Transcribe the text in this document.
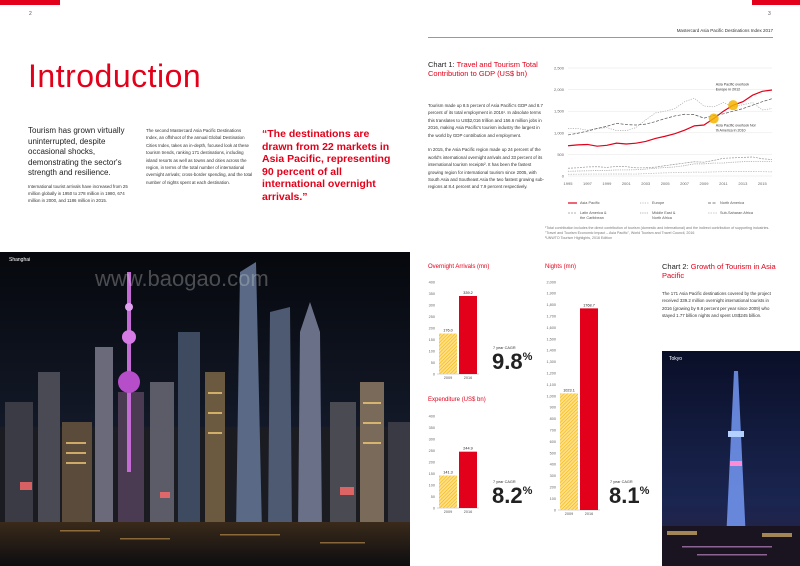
2	3
Mastercard Asia Pacific Destinations Index 2017
Introduction
Tourism has grown virtually uninterrupted, despite occasional shocks, demonstrating the sector's strength and resilience.
International tourist arrivals have increased from 25 million globally in 1950 to 278 million in 1980, 674 million in 2000, and 1186 million in 2015.
The second Mastercard Asia Pacific Destinations Index, an offshoot of the annual Global Destination Cities Index, takes an in-depth, focused look at these tourism trends, ranking 171 destinations, including island resorts as well as towns and cities across the region, in terms of the total number of international overnight arrivals; cross-border spending, and the total number of nights spent at each destination.
“The destinations are drawn from 22 markets in Asia Pacific, representing 90 percent of all international overnight arrivals.”
Chart 1: Travel and Tourism Total Contribution to GDP (US$ bn)
Tourism made up 8.5 percent of Asia Pacific's GDP and 8.7 percent of its total employment in 2016¹. In absolute terms this translates to US$2,016 trillion and 156.6 million jobs in 2016, making Asia Pacific's tourism industry the largest in the world by GDP contribution and employment.

In 2015, the Asia Pacific region made up 24 percent of the world's international overnight arrivals and 33 percent of its international tourism receipts². It has been the fastest growing region for international tourism since 2005, with South Asia and Southeast Asia the two fastest growing sub-regions at 8.4 percent and 7.9 percent respectively.
0
500
1,000
1,500
2,000
2,500
1995	1997	1999	2001	2003	2005	2007	2009	2011	2013	2015
Asia Pacific overtook
Europe in 2012
Asia Pacific overtook Nor
th America in 2010
Asia Pacific	Europe	North America
Latin America &
the Caribbean
Middle East &
North Africa
Sub-Saharan Africa
¹Total contribution includes the direct contribution of tourism (domestic and international) and the indirect contribution of supporting industries. "Travel and Tourism Economic Impact – Asia Pacific", World Tourism and Travel Council, 2016
²UNWTO Tourism Highlights, 2016 Edition
Chart 2: Growth of Tourism in Asia Pacific
The 171 Asia Pacific destinations covered by the project received 339.2 million overnight international tourists in 2016 (growing by 9.8 percent per year since 2009) who stayed 1.77 billion nights and spent US$245 billion.
Overnight Arrivals (mn)
0
50
100
150
200
250
300
350
400
176.0
2009
339.2
2016
7 year CAGR
9.8%
Expenditure (US$ bn)
0
50
100
150
200
250
300
350
400
141.3
2009
244.9
2016
7 year CAGR
8.2%
Nights (mn)
0
100
200
300
400
500
600
700
800
900
1,000
1,100
1,200
1,300
1,400
1,500
1,600
1,700
1,800
1,900
2,000
1023.1
2009
1768.7
2016
7 year CAGR
8.1%
Shanghai
www.baogao.com
Tokyo
